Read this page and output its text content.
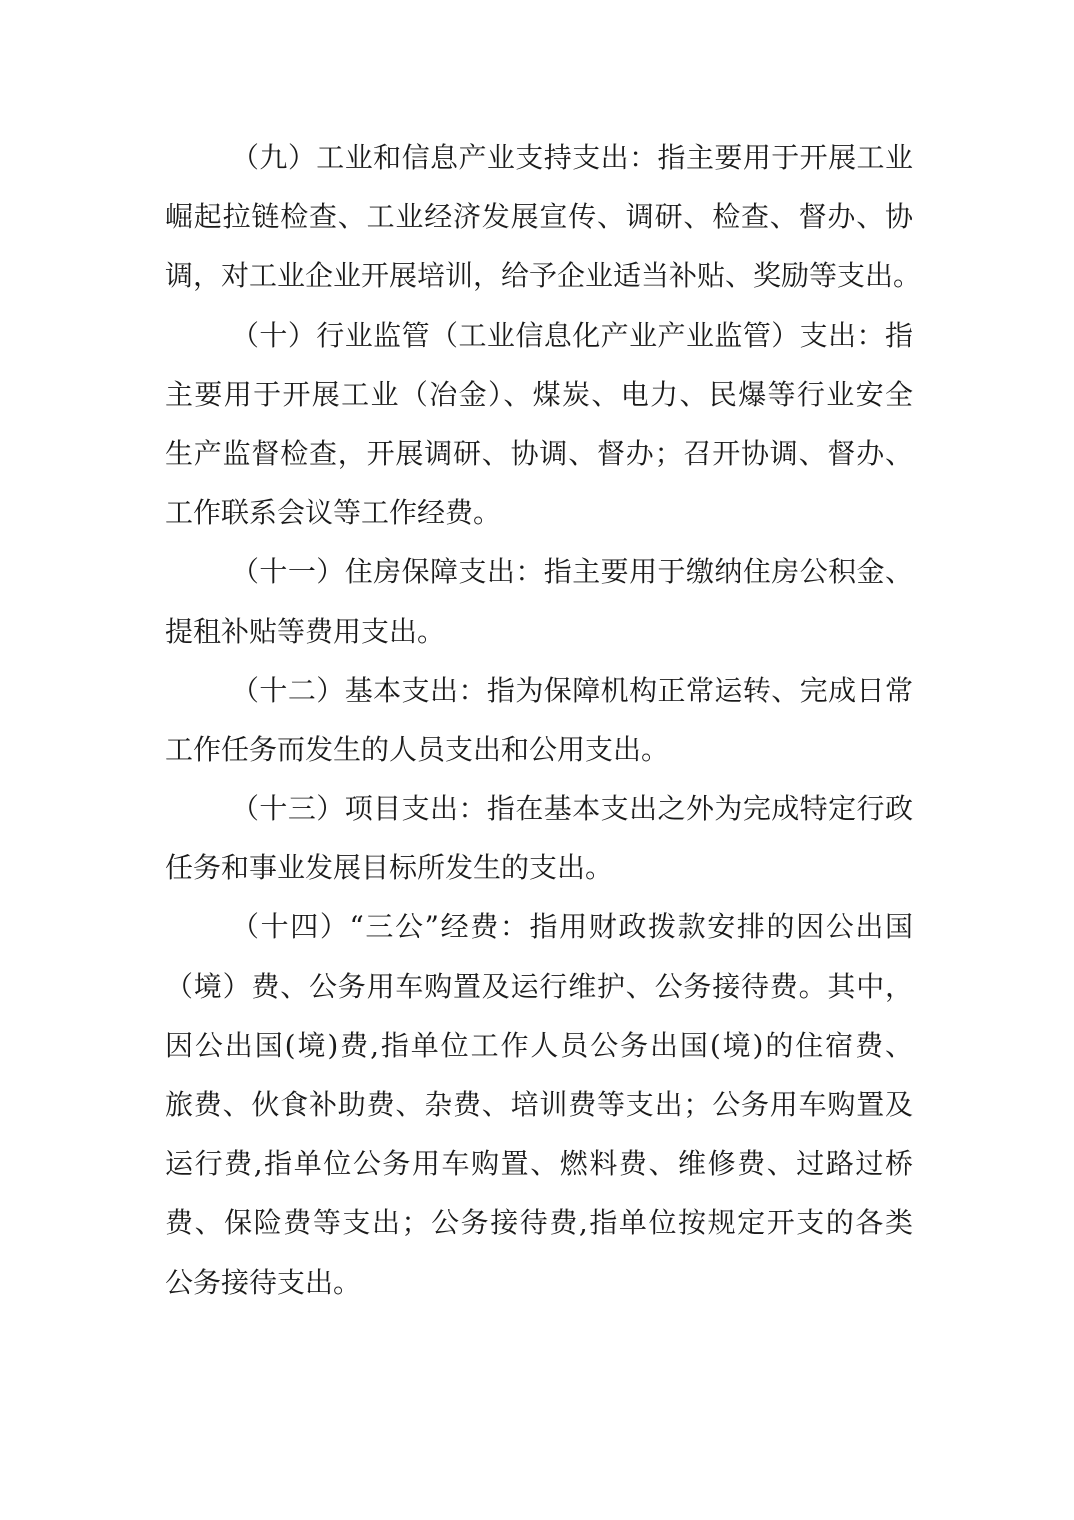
（九）工业和信息产业支持支出：指主要用于开展工业
崛起拉链检查、工业经济发展宣传、调研、检查、督办、协
调，对工业企业开展培训，给予企业适当补贴、奖励等支出。
（十）行业监管（工业信息化产业产业监管）支出：指
主要用于开展工业（冶金）、煤炭、电力、民爆等行业安全
生产监督检查，开展调研、协调、督办；召开协调、督办、
工作联系会议等工作经费。
（十一）住房保障支出：指主要用于缴纳住房公积金、
提租补贴等费用支出。
（十二）基本支出：指为保障机构正常运转、完成日常
工作任务而发生的人员支出和公用支出。
（十三）项目支出：指在基本支出之外为完成特定行政
任务和事业发展目标所发生的支出。
（十四）“三公”经费：指用财政拨款安排的因公出国
（境）费、公务用车购置及运行维护、公务接待费。其中，
因公出国(境)费,指单位工作人员公务出国(境)的住宿费、
旅费、伙食补助费、杂费、培训费等支出；公务用车购置及
运行费,指单位公务用车购置、燃料费、维修费、过路过桥
费、保险费等支出；公务接待费,指单位按规定开支的各类
公务接待支出。
